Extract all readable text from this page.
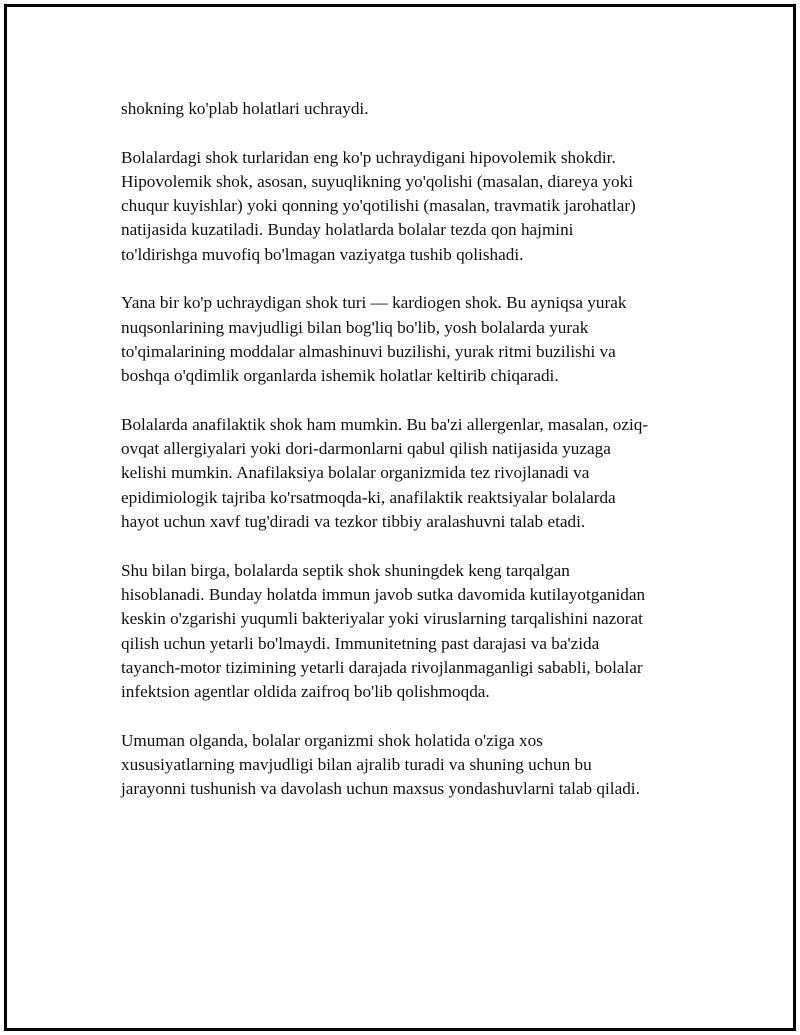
shokning ko'plab holatlari uchraydi.

Bolalardagi shok turlaridan eng ko'p uchraydigani hipovolemik shokdir.
Hipovolemik shok, asosan, suyuqlikning yo'qolishi (masalan, diareya yoki
chuqur kuyishlar) yoki qonning yo'qotilishi (masalan, travmatik jarohatlar)
natijasida kuzatiladi. Bunday holatlarda bolalar tezda qon hajmini
to'ldirishga muvofiq bo'lmagan vaziyatga tushib qolishadi.

Yana bir ko'p uchraydigan shok turi — kardiogen shok. Bu ayniqsa yurak
nuqsonlarining mavjudligi bilan bog'liq bo'lib, yosh bolalarda yurak
to'qimalarining moddalar almashinuvi buzilishi, yurak ritmi buzilishi va
boshqa o'qdimlik organlarda ishemik holatlar keltirib chiqaradi.

Bolalarda anafilaktik shok ham mumkin. Bu ba'zi allergenlar, masalan, oziq-
ovqat allergiyalari yoki dori-darmonlarni qabul qilish natijasida yuzaga
kelishi mumkin. Anafilaksiya bolalar organizmida tez rivojlanadi va
epidimiologik tajriba ko'rsatmoqda-ki, anafilaktik reaktsiyalar bolalarda
hayot uchun xavf tug'diradi va tezkor tibbiy aralashuvni talab etadi.

Shu bilan birga, bolalarda septik shok shuningdek keng tarqalgan
hisoblanadi. Bunday holatda immun javob sutka davomida kutilayotganidan
keskin o'zgarishi yuqumli bakteriyalar yoki viruslarning tarqalishini nazorat
qilish uchun yetarli bo'lmaydi. Immunitetning past darajasi va ba'zida
tayanch-motor tizimining yetarli darajada rivojlanmaganligi sababli, bolalar
infektsion agentlar oldida zaifroq bo'lib qolishmoqda.

Umuman olganda, bolalar organizmi shok holatida o'ziga xos
xususiyatlarning mavjudligi bilan ajralib turadi va shuning uchun bu
jarayonni tushunish va davolash uchun maxsus yondashuvlarni talab qiladi.
